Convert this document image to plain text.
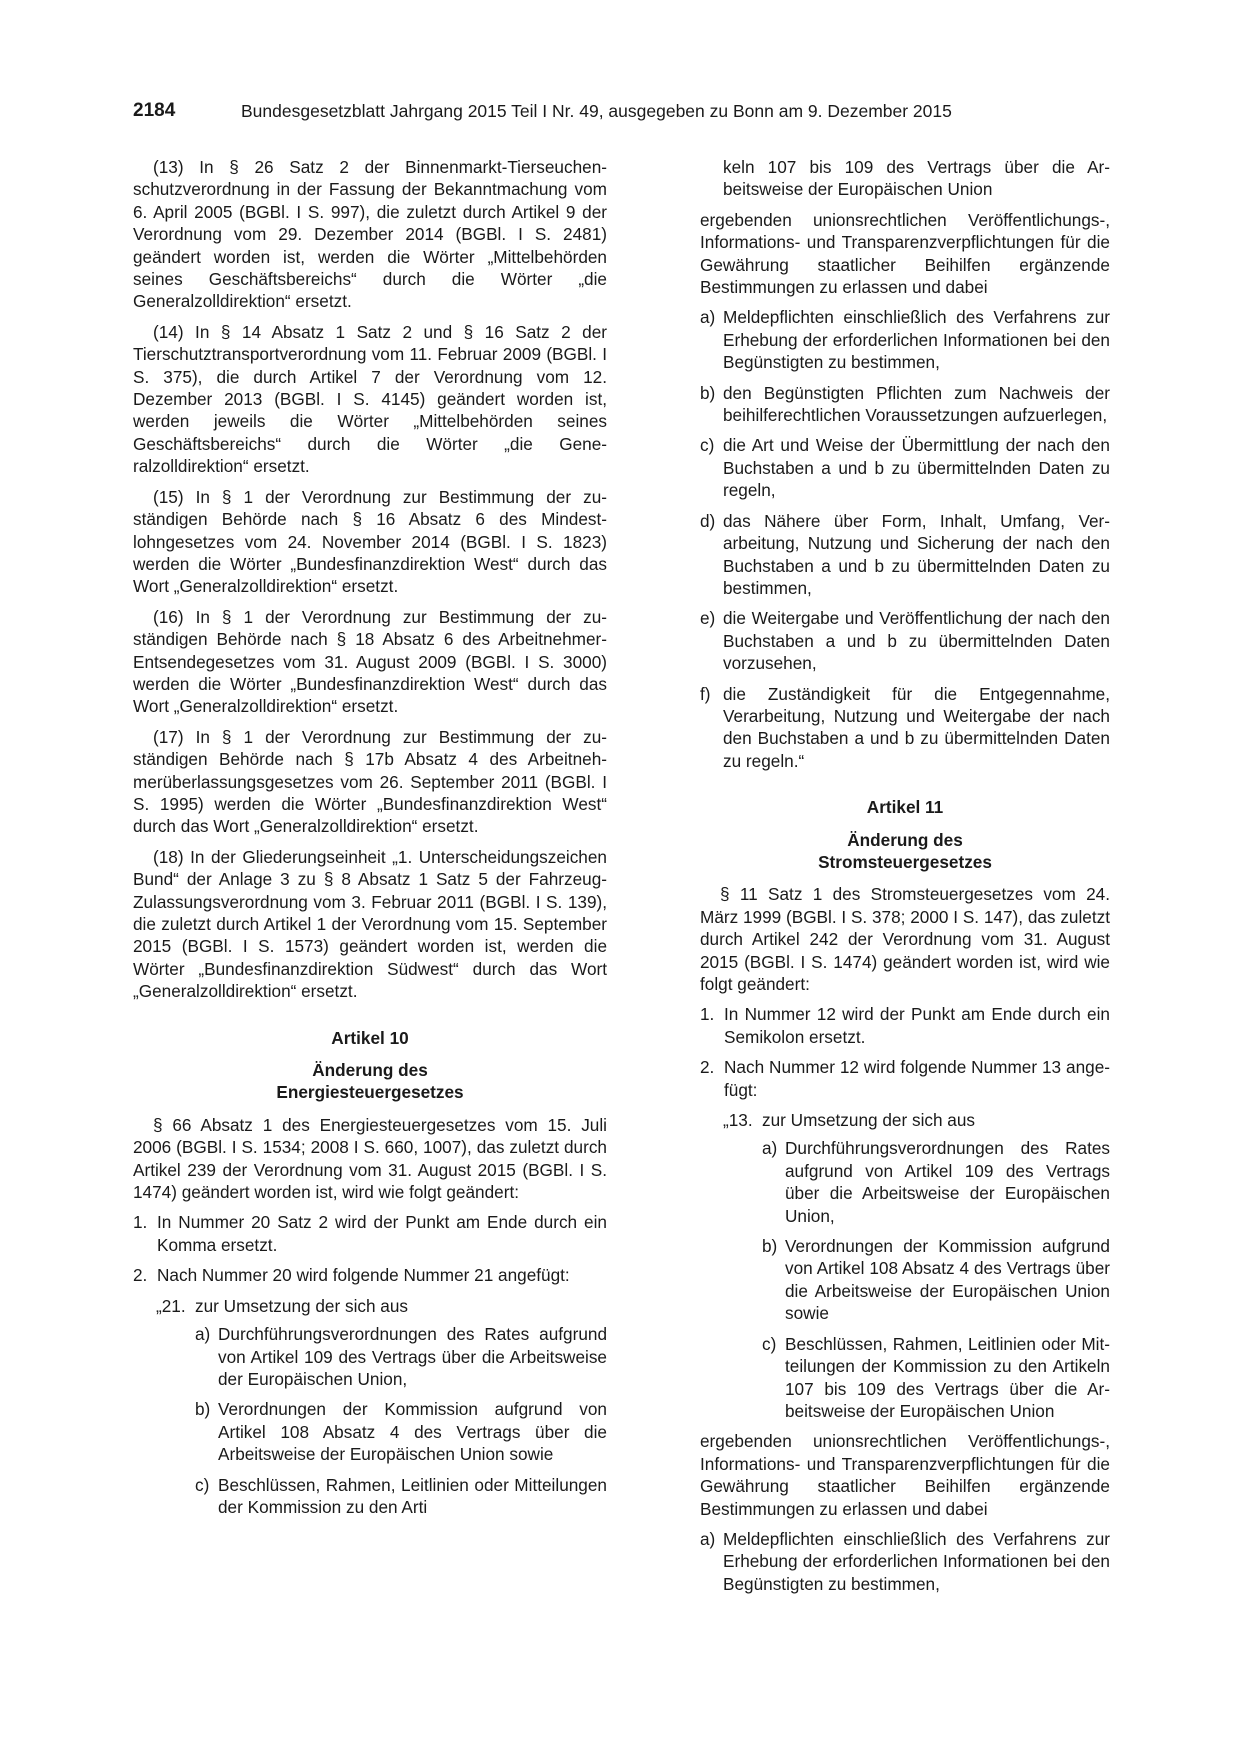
2184	Bundesgesetzblatt Jahrgang 2015 Teil I Nr. 49, ausgegeben zu Bonn am 9. Dezember 2015

(13) In § 26 Satz 2 der Binnenmarkt-Tierseuchenschutzverordnung in der Fassung der Bekanntmachung vom 6. April 2005 (BGBl. I S. 997), die zuletzt durch Artikel 9 der Verordnung vom 29. Dezember 2014 (BGBl. I S. 2481) geändert worden ist, werden die Wörter „Mittelbehörden seines Geschäftsbereichs“ durch die Wörter „die Generalzolldirektion“ ersetzt.

(14) In § 14 Absatz 1 Satz 2 und § 16 Satz 2 der Tierschutztransportverordnung vom 11. Februar 2009 (BGBl. I S. 375), die durch Artikel 7 der Verordnung vom 12. Dezember 2013 (BGBl. I S. 4145) geändert worden ist, werden jeweils die Wörter „Mittelbehörden seines Geschäftsbereichs“ durch die Wörter „die Generalzolldirektion“ ersetzt.

(15) In § 1 der Verordnung zur Bestimmung der zuständigen Behörde nach § 16 Absatz 6 des Mindestlohngesetzes vom 24. November 2014 (BGBl. I S. 1823) werden die Wörter „Bundesfinanzdirektion West“ durch das Wort „Generalzolldirektion“ ersetzt.

(16) In § 1 der Verordnung zur Bestimmung der zuständigen Behörde nach § 18 Absatz 6 des Arbeitnehmer-Entsendegesetzes vom 31. August 2009 (BGBl. I S. 3000) werden die Wörter „Bundesfinanzdirektion West“ durch das Wort „Generalzolldirektion“ ersetzt.

(17) In § 1 der Verordnung zur Bestimmung der zuständigen Behörde nach § 17b Absatz 4 des Arbeitnehmerüberlassungsgesetzes vom 26. September 2011 (BGBl. I S. 1995) werden die Wörter „Bundesfinanzdirektion West“ durch das Wort „Generalzolldirektion“ ersetzt.

(18) In der Gliederungseinheit „1. Unterscheidungszeichen Bund“ der Anlage 3 zu § 8 Absatz 1 Satz 5 der Fahrzeug-Zulassungsverordnung vom 3. Februar 2011 (BGBl. I S. 139), die zuletzt durch Artikel 1 der Verordnung vom 15. September 2015 (BGBl. I S. 1573) geändert worden ist, werden die Wörter „Bundesfinanzdirektion Südwest“ durch das Wort „Generalzolldirektion“ ersetzt.

Artikel 10
Änderung des
Energiesteuergesetzes

§ 66 Absatz 1 des Energiesteuergesetzes vom 15. Juli 2006 (BGBl. I S. 1534; 2008 I S. 660, 1007), das zuletzt durch Artikel 239 der Verordnung vom 31. August 2015 (BGBl. I S. 1474) geändert worden ist, wird wie folgt geändert:

1. In Nummer 20 Satz 2 wird der Punkt am Ende durch ein Komma ersetzt.
2. Nach Nummer 20 wird folgende Nummer 21 angefügt:
„21. zur Umsetzung der sich aus
a) Durchführungsverordnungen des Rates aufgrund von Artikel 109 des Vertrags über die Arbeitsweise der Europäischen Union,
b) Verordnungen der Kommission aufgrund von Artikel 108 Absatz 4 des Vertrags über die Arbeitsweise der Europäischen Union sowie
c) Beschlüssen, Rahmen, Leitlinien oder Mitteilungen der Kommission zu den Arti

keln 107 bis 109 des Vertrags über die Arbeitsweise der Europäischen Union

ergebenden unionsrechtlichen Veröffentlichungs-, Informations- und Transparenzverpflichtungen für die Gewährung staatlicher Beihilfen ergänzende Bestimmungen zu erlassen und dabei

a) Meldepflichten einschließlich des Verfahrens zur Erhebung der erforderlichen Informationen bei den Begünstigten zu bestimmen,
b) den Begünstigten Pflichten zum Nachweis der beihilferechtlichen Voraussetzungen aufzuerlegen,
c) die Art und Weise der Übermittlung der nach den Buchstaben a und b zu übermittelnden Daten zu regeln,
d) das Nähere über Form, Inhalt, Umfang, Verarbeitung, Nutzung und Sicherung der nach den Buchstaben a und b zu übermittelnden Daten zu bestimmen,
e) die Weitergabe und Veröffentlichung der nach den Buchstaben a und b zu übermittelnden Daten vorzusehen,
f) die Zuständigkeit für die Entgegennahme, Verarbeitung, Nutzung und Weitergabe der nach den Buchstaben a und b zu übermittelnden Daten zu regeln.“
Artikel 11
Änderung des
Stromsteuergesetzes

§ 11 Satz 1 des Stromsteuergesetzes vom 24. März 1999 (BGBl. I S. 378; 2000 I S. 147), das zuletzt durch Artikel 242 der Verordnung vom 31. August 2015 (BGBl. I S. 1474) geändert worden ist, wird wie folgt geändert:

1. In Nummer 12 wird der Punkt am Ende durch ein Semikolon ersetzt.
2. Nach Nummer 12 wird folgende Nummer 13 angefügt:
„13. zur Umsetzung der sich aus
a) Durchführungsverordnungen des Rates aufgrund von Artikel 109 des Vertrags über die Arbeitsweise der Europäischen Union,
b) Verordnungen der Kommission aufgrund von Artikel 108 Absatz 4 des Vertrags über die Arbeitsweise der Europäischen Union sowie
c) Beschlüssen, Rahmen, Leitlinien oder Mitteilungen der Kommission zu den Artikeln 107 bis 109 des Vertrags über die Arbeitsweise der Europäischen Union

ergebenden unionsrechtlichen Veröffentlichungs-, Informations- und Transparenzverpflichtungen für die Gewährung staatlicher Beihilfen ergänzende Bestimmungen zu erlassen und dabei

a) Meldepflichten einschließlich des Verfahrens zur Erhebung der erforderlichen Informationen bei den Begünstigten zu bestimmen,
